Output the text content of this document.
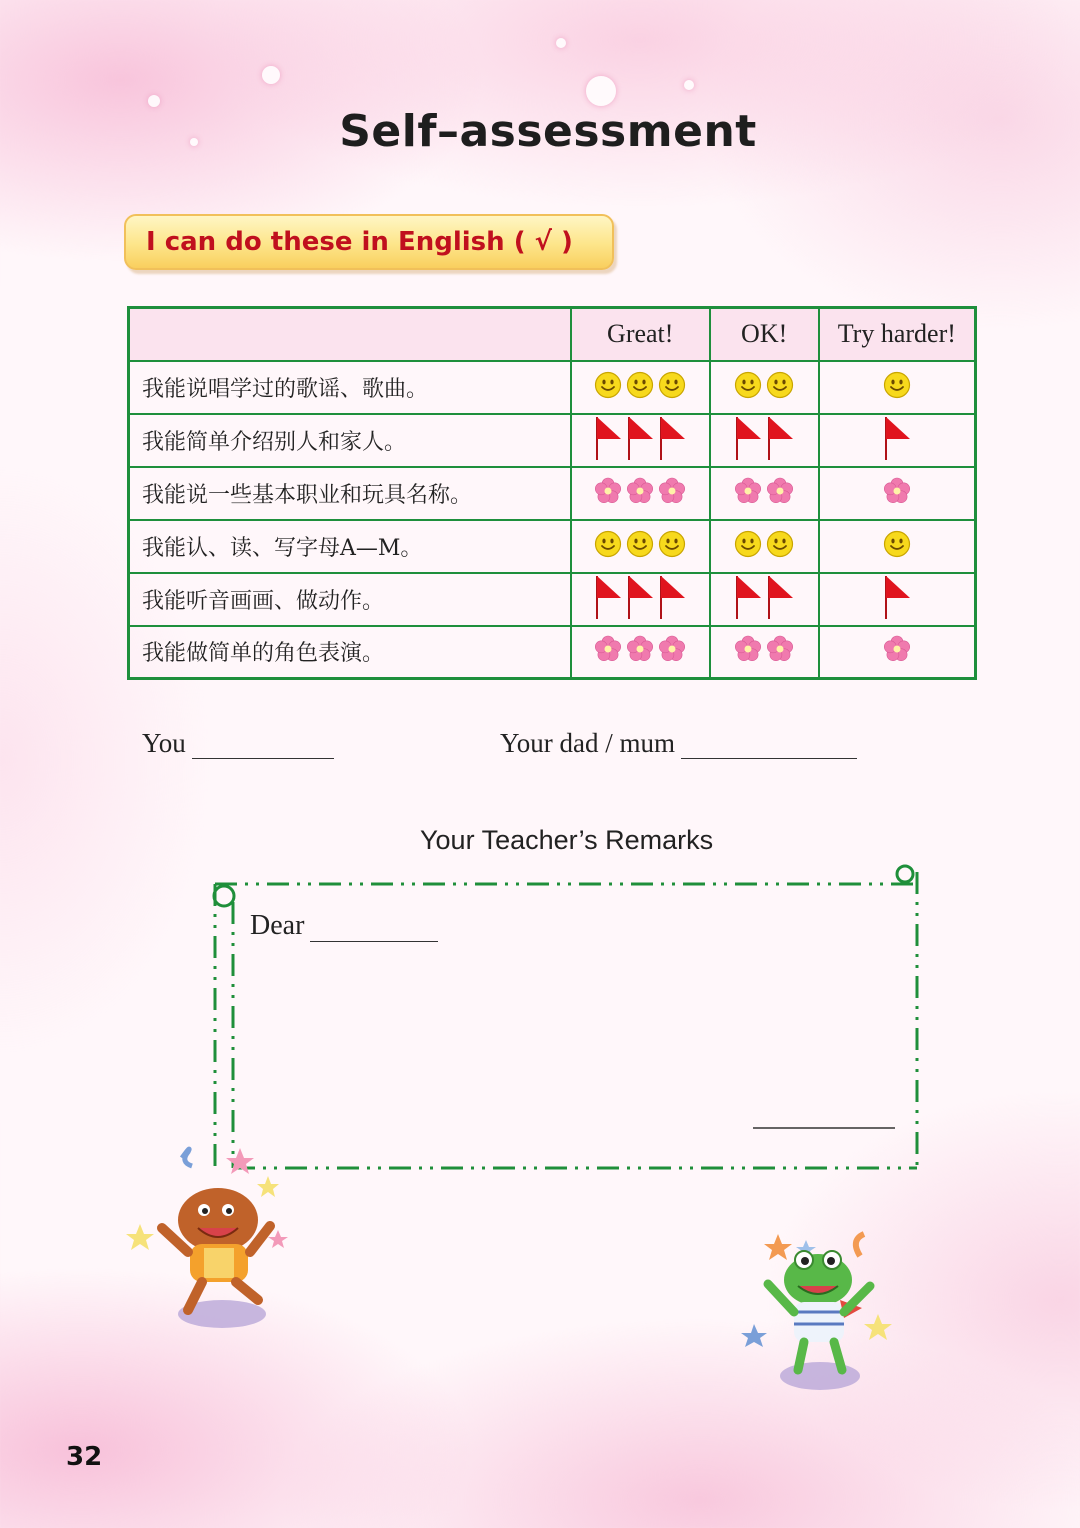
Self–assessment
I can do these in English ( √ )
	Great!	OK!	Try harder!
我能说唱学过的歌谣、歌曲。	

我能简单介绍别人和家人。	

我能说一些基本职业和玩具名称。	

我能认、读、写字母A—M。	

我能听音画画、做动作。	

我能做简单的角色表演。	

You	Your dad / mum
Your Teacher’s Remarks
Dear
32
